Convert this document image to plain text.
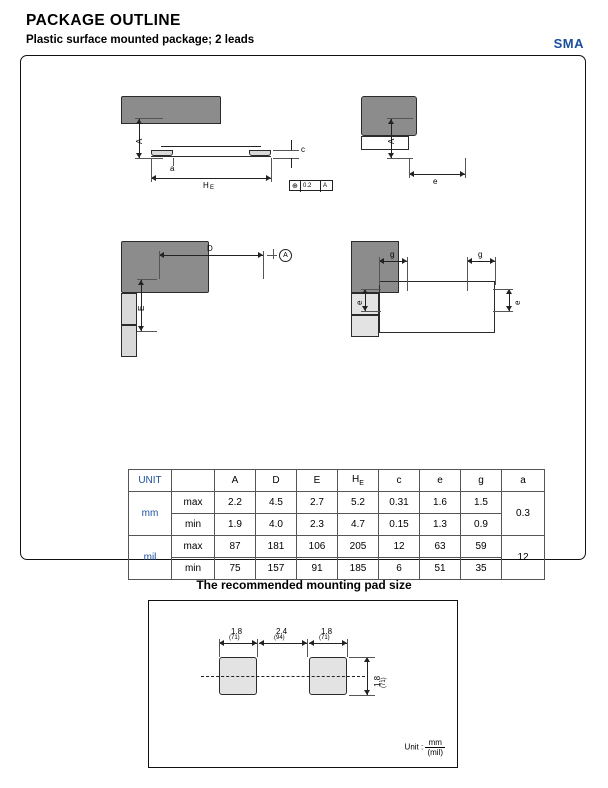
PACKAGE OUTLINE
Plastic surface mounted package; 2 leads	SMA
A
a
c
H E	⊕ 0.2 A
A
e
D
A
E
g	g
e	e
UNIT		A	D	E	$H_E$	c	e	g	a
mm	max	2.2	4.5	2.7	5.2	0.31	1.6	1.5	0.3
	min	1.9	4.0	2.3	4.7	0.15	1.3	0.9	
mil	max	87	181	106	205	12	63	59	12
	min	75	157	91	185	6	51	35	
The recommended mounting pad size
1.8
(71)
2.4
(94)
1.8
(71)
1.8 (71)
Unit : $\frac{mm}{\text{(mil)}}$
